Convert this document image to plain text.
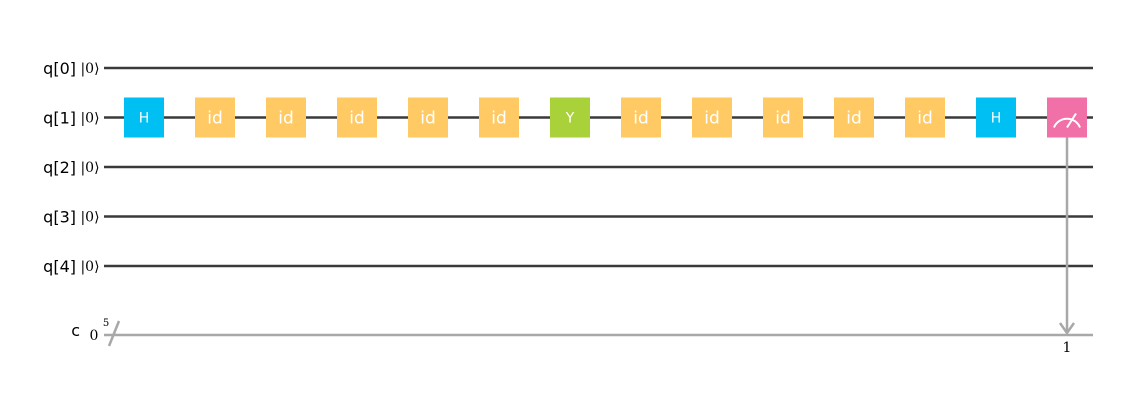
q[0] |0⟩
q[1] |0⟩
q[2] |0⟩
q[3] |0⟩
q[4] |0⟩
c 0
5
H	id	id	id	id	id	Y	id	id	id	id	id	H
1
